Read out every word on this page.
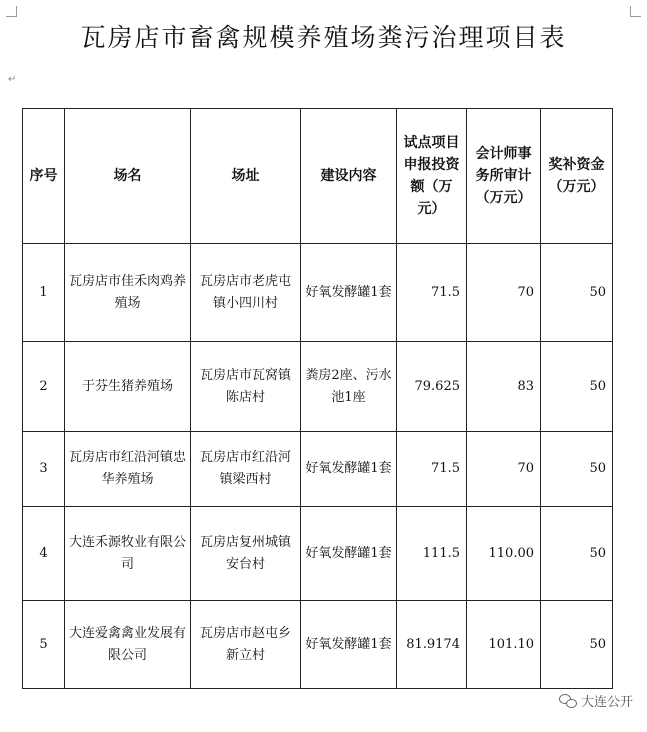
瓦房店市畜禽规模养殖场粪污治理项目表
↵
序号	场名	场址	建设内容	试点项目申报投资额（万元）	会计师事务所审计（万元）	奖补资金（万元）
1	瓦房店市佳禾肉鸡养殖场	瓦房店市老虎屯镇小四川村	好氧发酵罐1套	71.5	70	50
2	于芬生猪养殖场	瓦房店市瓦窝镇陈店村	粪房2座、污水池1座	79.625	83	50
3	瓦房店市红沿河镇忠华养殖场	瓦房店市红沿河镇梁西村	好氧发酵罐1套	71.5	70	50
4	大连禾源牧业有限公司	瓦房店复州城镇安台村	好氧发酵罐1套	111.5	110.00	50
5	大连爱禽禽业发展有限公司	瓦房店市赵屯乡新立村	好氧发酵罐1套	81.9174	101.10	50
大连公开
